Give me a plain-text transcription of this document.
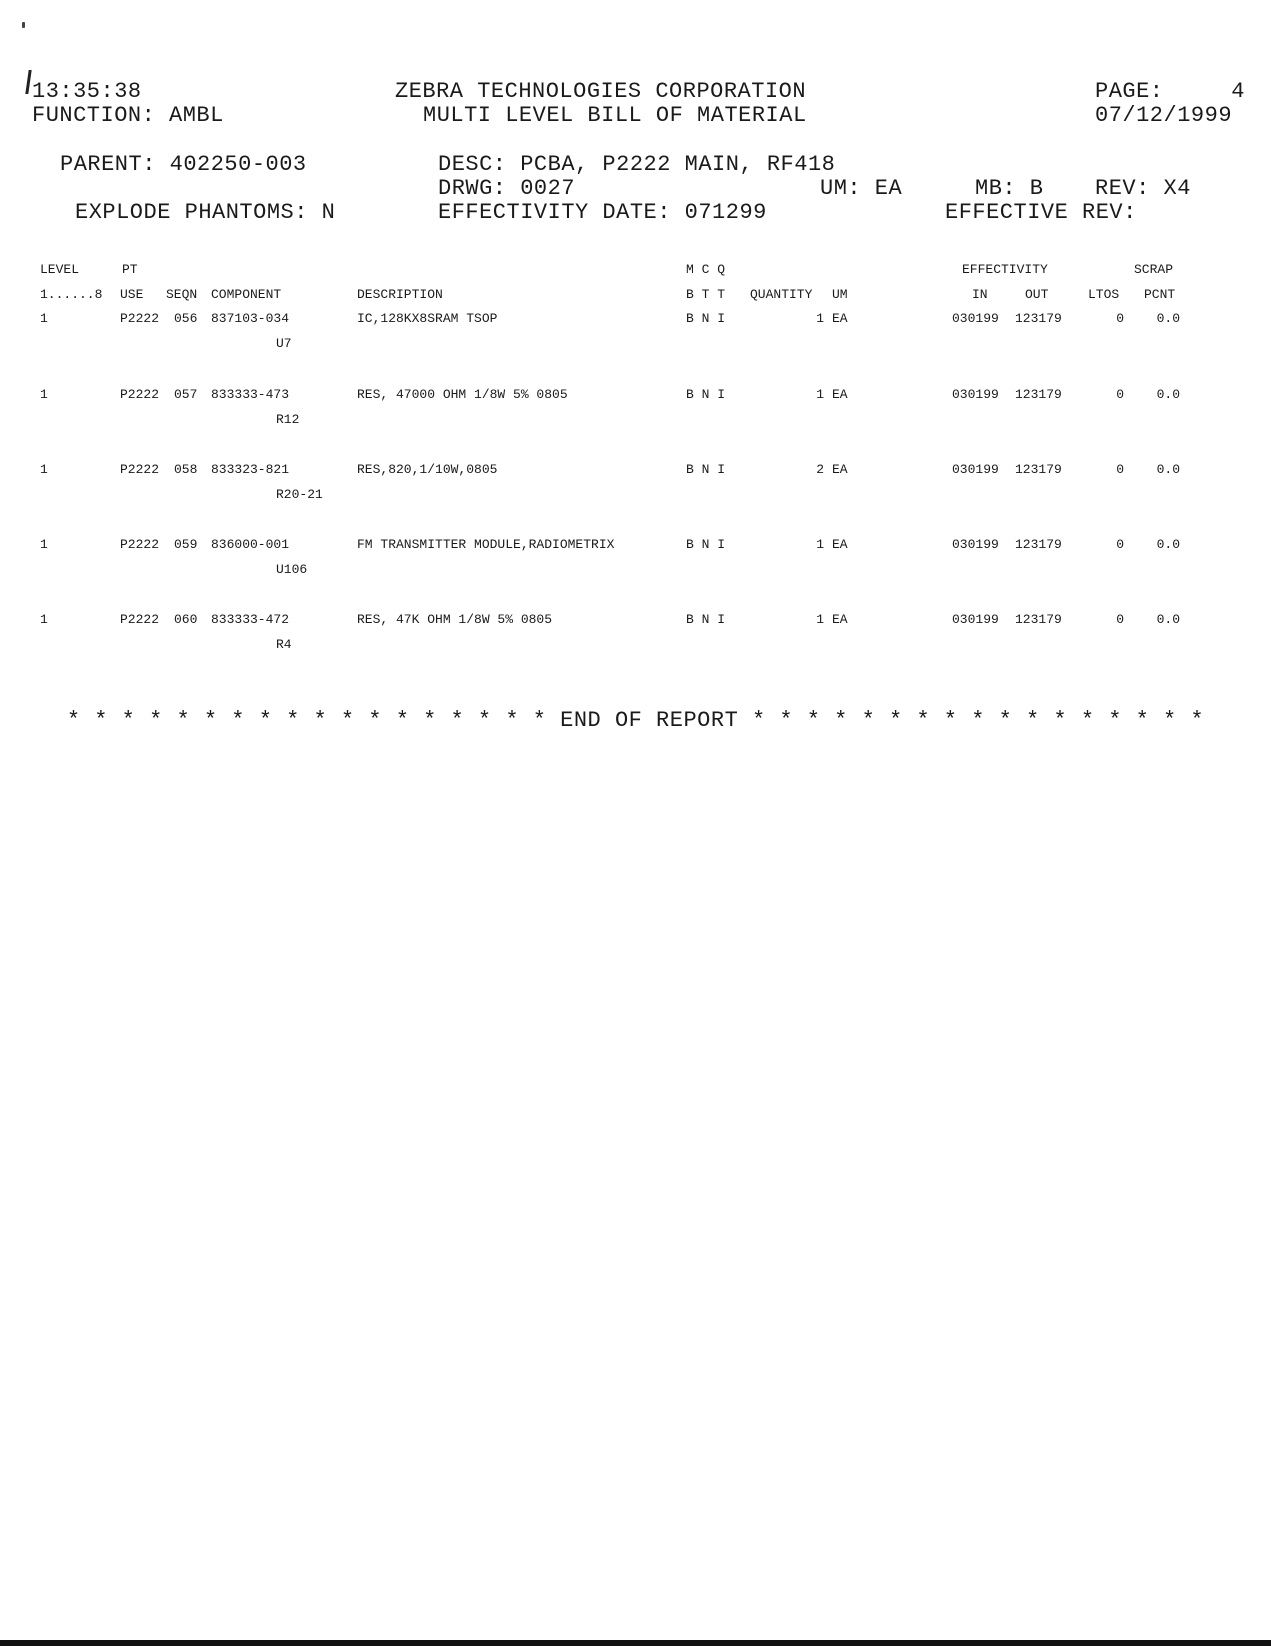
13:35:38
FUNCTION: AMBL
ZEBRA TECHNOLOGIES CORPORATION
MULTI LEVEL BILL OF MATERIAL
PAGE:	4
07/12/1999
PARENT: 402250-003	DESC: PCBA, P2222 MAIN, RF418
DRWG: 0027	UM: EA	MB: B REV: X4
EXPLODE PHANTOMS: N	EFFECTIVITY DATE: 071299	EFFECTIVE REV:
LEVEL	PT	M C Q	EFFECTIVITY	SCRAP
1......8 USE SEQN COMPONENT	DESCRIPTION	B T T QUANTITY UM	IN	OUT	LTOS PCNT
1	P2222 056 837103-034	IC,128KX8SRAM TSOP	B N I	1 EA	030199 123179	0	0.0
U7
1	P2222 057 833333-473	RES, 47000 OHM 1/8W 5% 0805	B N I	1 EA	030199 123179	0	0.0
R12
1	P2222 058 833323-821	RES,820,1/10W,0805	B N I	2 EA	030199 123179	0	0.0
R20-21
1	P2222 059 836000-001	FM TRANSMITTER MODULE,RADIOMETRIX	B N I	1 EA	030199 123179	0	0.0
U106
1	P2222 060 833333-472	RES, 47K OHM 1/8W 5% 0805	B N I	1 EA	030199 123179	0	0.0
R4
* * * * * * * * * * * * * * * * * * END OF REPORT * * * * * * * * * * * * * * * * *
